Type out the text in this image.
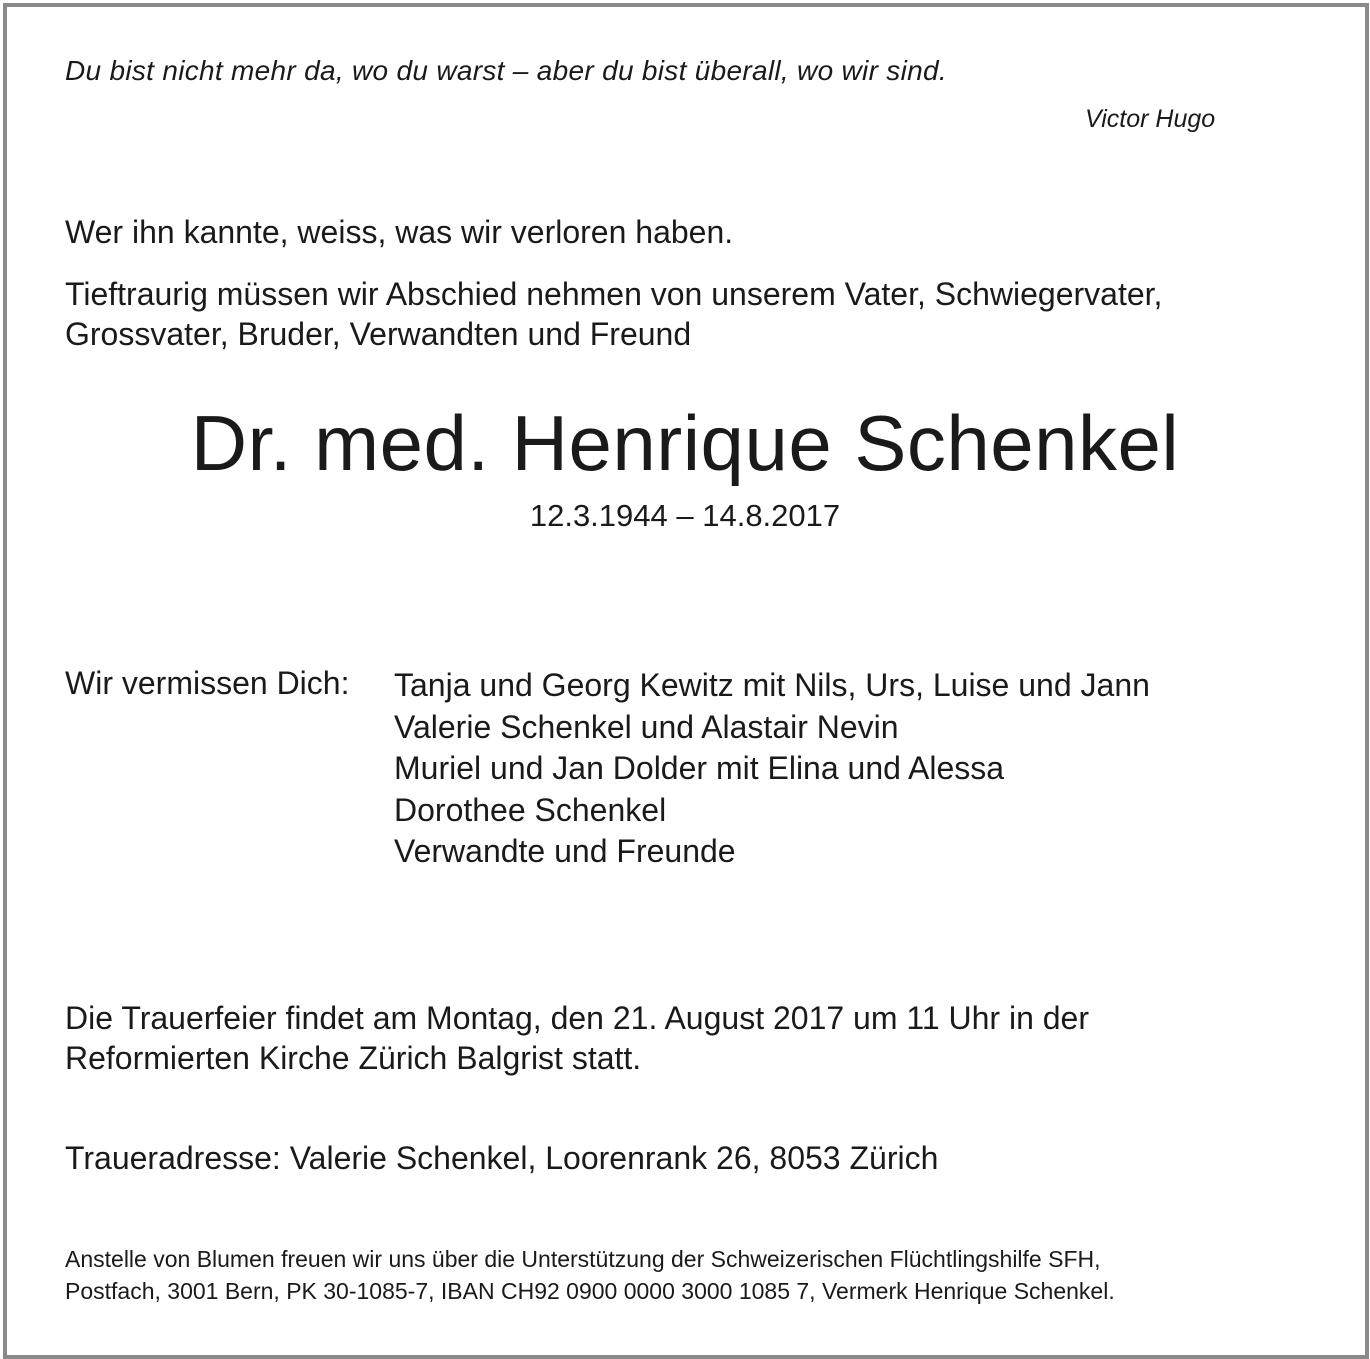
Du bist nicht mehr da, wo du warst – aber du bist überall, wo wir sind.
Victor Hugo
Wer ihn kannte, weiss, was wir verloren haben.
Tieftraurig müssen wir Abschied nehmen von unserem Vater, Schwiegervater,
Grossvater, Bruder, Verwandten und Freund
Dr. med. Henrique Schenkel
12.3.1944 – 14.8.2017
Wir vermissen Dich: Tanja und Georg Kewitz mit Nils, Urs, Luise und Jann
Valerie Schenkel und Alastair Nevin
Muriel und Jan Dolder mit Elina und Alessa
Dorothee Schenkel
Verwandte und Freunde
Die Trauerfeier findet am Montag, den 21. August 2017 um 11 Uhr in der
Reformierten Kirche Zürich Balgrist statt.
Traueradresse: Valerie Schenkel, Loorenrank 26, 8053 Zürich
Anstelle von Blumen freuen wir uns über die Unterstützung der Schweizerischen Flüchtlingshilfe SFH,
Postfach, 3001 Bern, PK 30-1085-7, IBAN CH92 0900 0000 3000 1085 7, Vermerk Henrique Schenkel.
